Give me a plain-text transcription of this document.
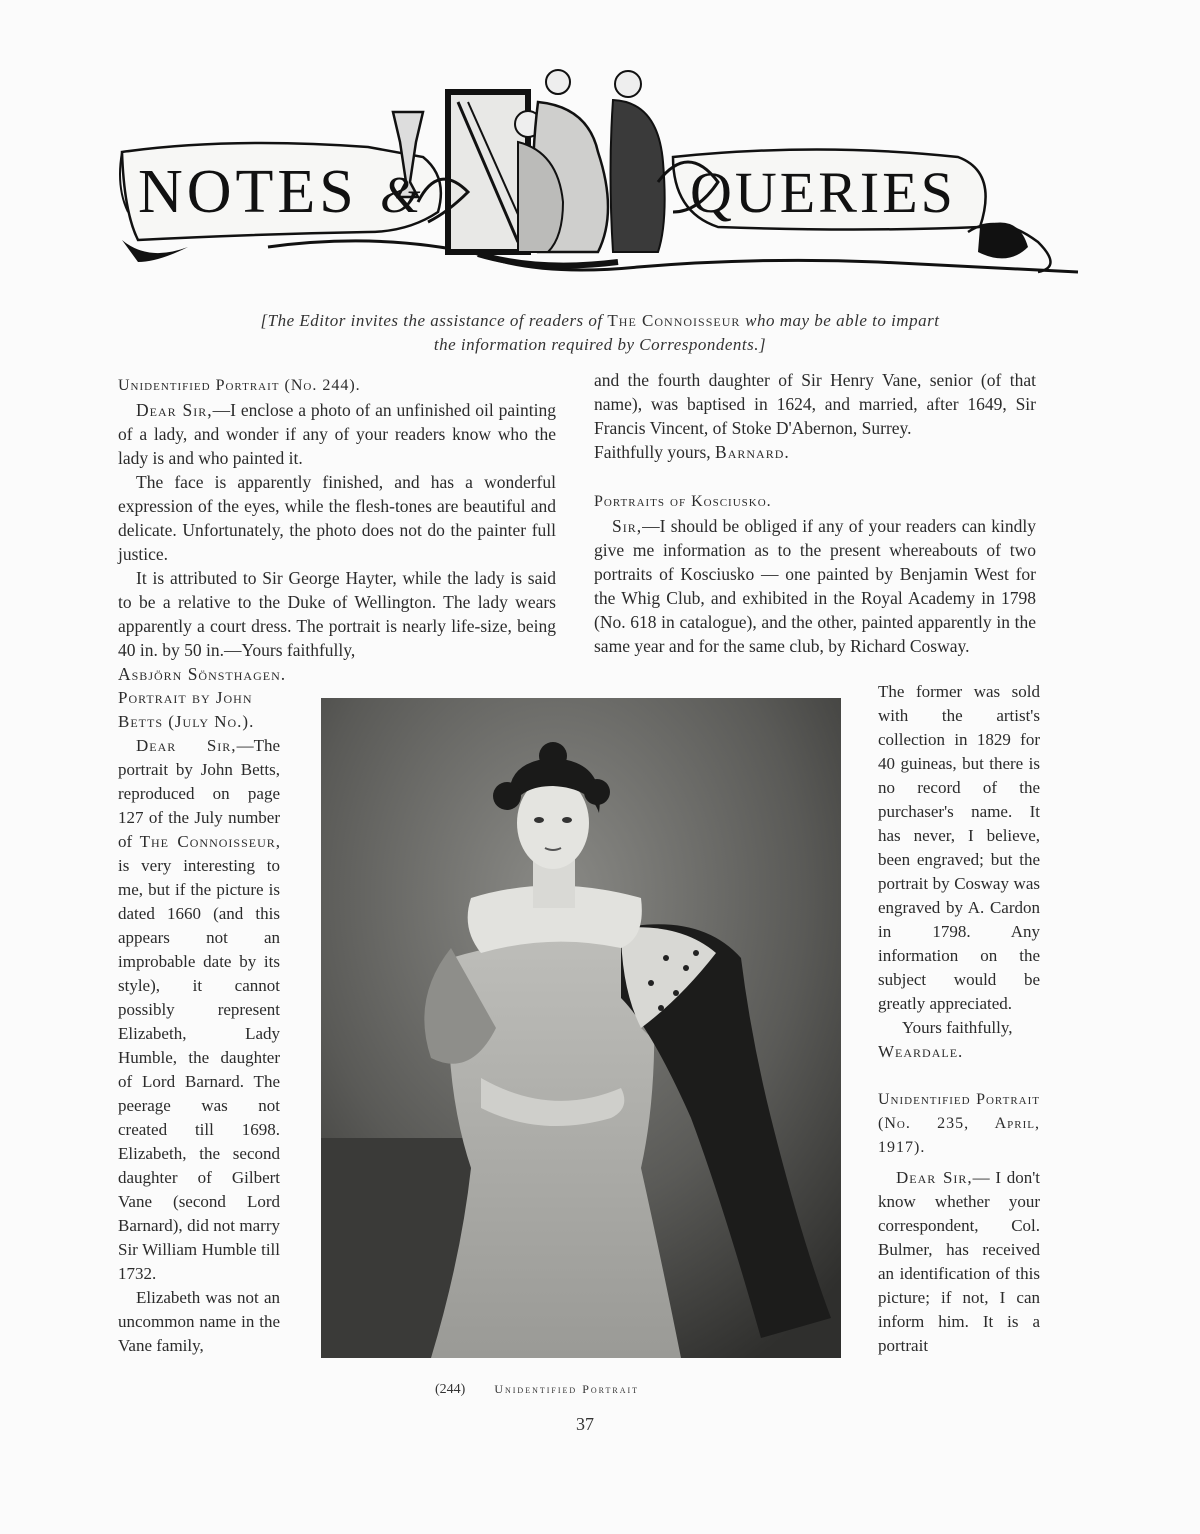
NOTES &	QUERIES
[The Editor invites the assistance of readers of The Connoisseur who may be able to impart
the information required by Correspondents.]

Unidentified Portrait (No. 244).

Dear Sir,—I enclose a photo of an unfinished oil painting of a lady, and wonder if any of your readers know who the lady is and who painted it.

The face is apparently finished, and has a wonderful expression of the eyes, while the flesh-tones are beautiful and delicate. Unfortunately, the photo does not do the painter full justice.

It is attributed to Sir George Hayter, while the lady is said to be a relative to the Duke of Wellington. The lady wears apparently a court dress. The portrait is nearly life-size, being 40 in. by 50 in.—Yours faithfully,

Asbjörn Sönsthagen.

and the fourth daughter of Sir Henry Vane, senior (of that name), was baptised in 1624, and married, after 1649, Sir Francis Vincent, of Stoke D'Abernon, Surrey.

Faithfully yours, Barnard.

Portraits of Kosciusko.

Sir,—I should be obliged if any of your readers can kindly give me information as to the present whereabouts of two portraits of Kosciusko — one painted by Benjamin West for the Whig Club, and exhibited in the Royal Academy in 1798 (No. 618 in catalogue), and the other, painted apparently in the same year and for the same club, by Richard Cosway.

Portrait by John Betts (July No.).

Dear Sir,—The portrait by John Betts, reproduced on page 127 of the July number of The Connoisseur, is very interesting to me, but if the picture is dated 1660 (and this appears not an improbable date by its style), it cannot possibly represent Elizabeth, Lady Humble, the daughter of Lord Barnard. The peerage was not created till 1698. Elizabeth, the second daughter of Gilbert Vane (second Lord Barnard), did not marry Sir William Humble till 1732.

Elizabeth was not an uncommon name in the Vane family,

The former was sold with the artist's collection in 1829 for 40 guineas, but there is no record of the purchaser's name. It has never, I believe, been engraved; but the portrait by Cosway was engraved by A. Cardon in 1798. Any information on the subject would be greatly appreciated.

Yours faithfully,

Weardale.

Unidentified Portrait (No. 235, April, 1917).

Dear Sir,— I don't know whether your correspondent, Col. Bulmer, has received an identification of this picture; if not, I can inform him. It is a portrait

(244) Unidentified Portrait
37
